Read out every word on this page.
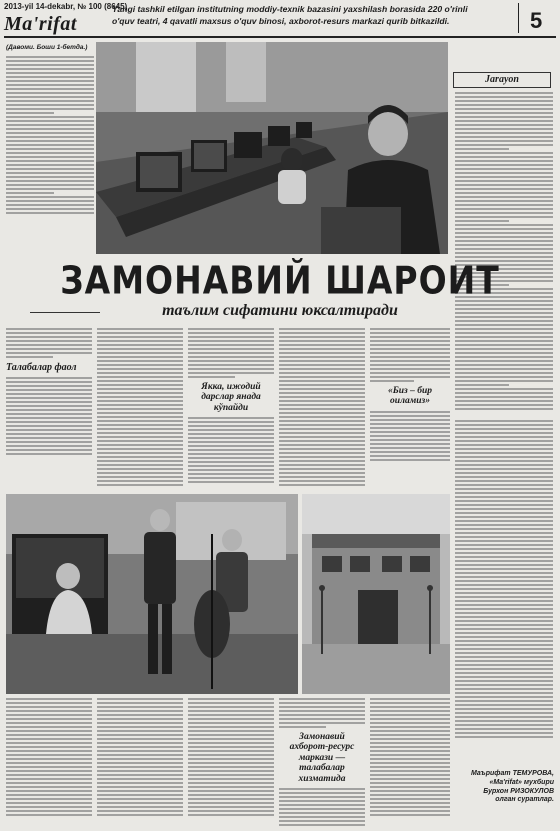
2013-yil 14-dekabr, № 100 (8645)
Ma'rifat
Yangi tashkil etilgan institutning moddiy-texnik bazasini yaxshilash borasida 220 o'rinli
o'quv teatri, 4 qavatli maxsus o'quv binosi, axborot-resurs markazi qurib bitkazildi.	5
(Давоми. Боши 1-бетда.)
Jarayon
ЗАМОНАВИЙ ШАРОИТ
таълим сифатини юксалтиради
Талабалар фаол
Якка, ижодий дарслар янада кўпайди
«Биз – бир оиламиз»
Замонавий ахборот-ресурс маркази — талабалар хизматида
Маърифат ТЕМУРОВА,
«Ma'rifat» мухбири
Бурхон РИЗОКУЛОВ
олган суратлар.
